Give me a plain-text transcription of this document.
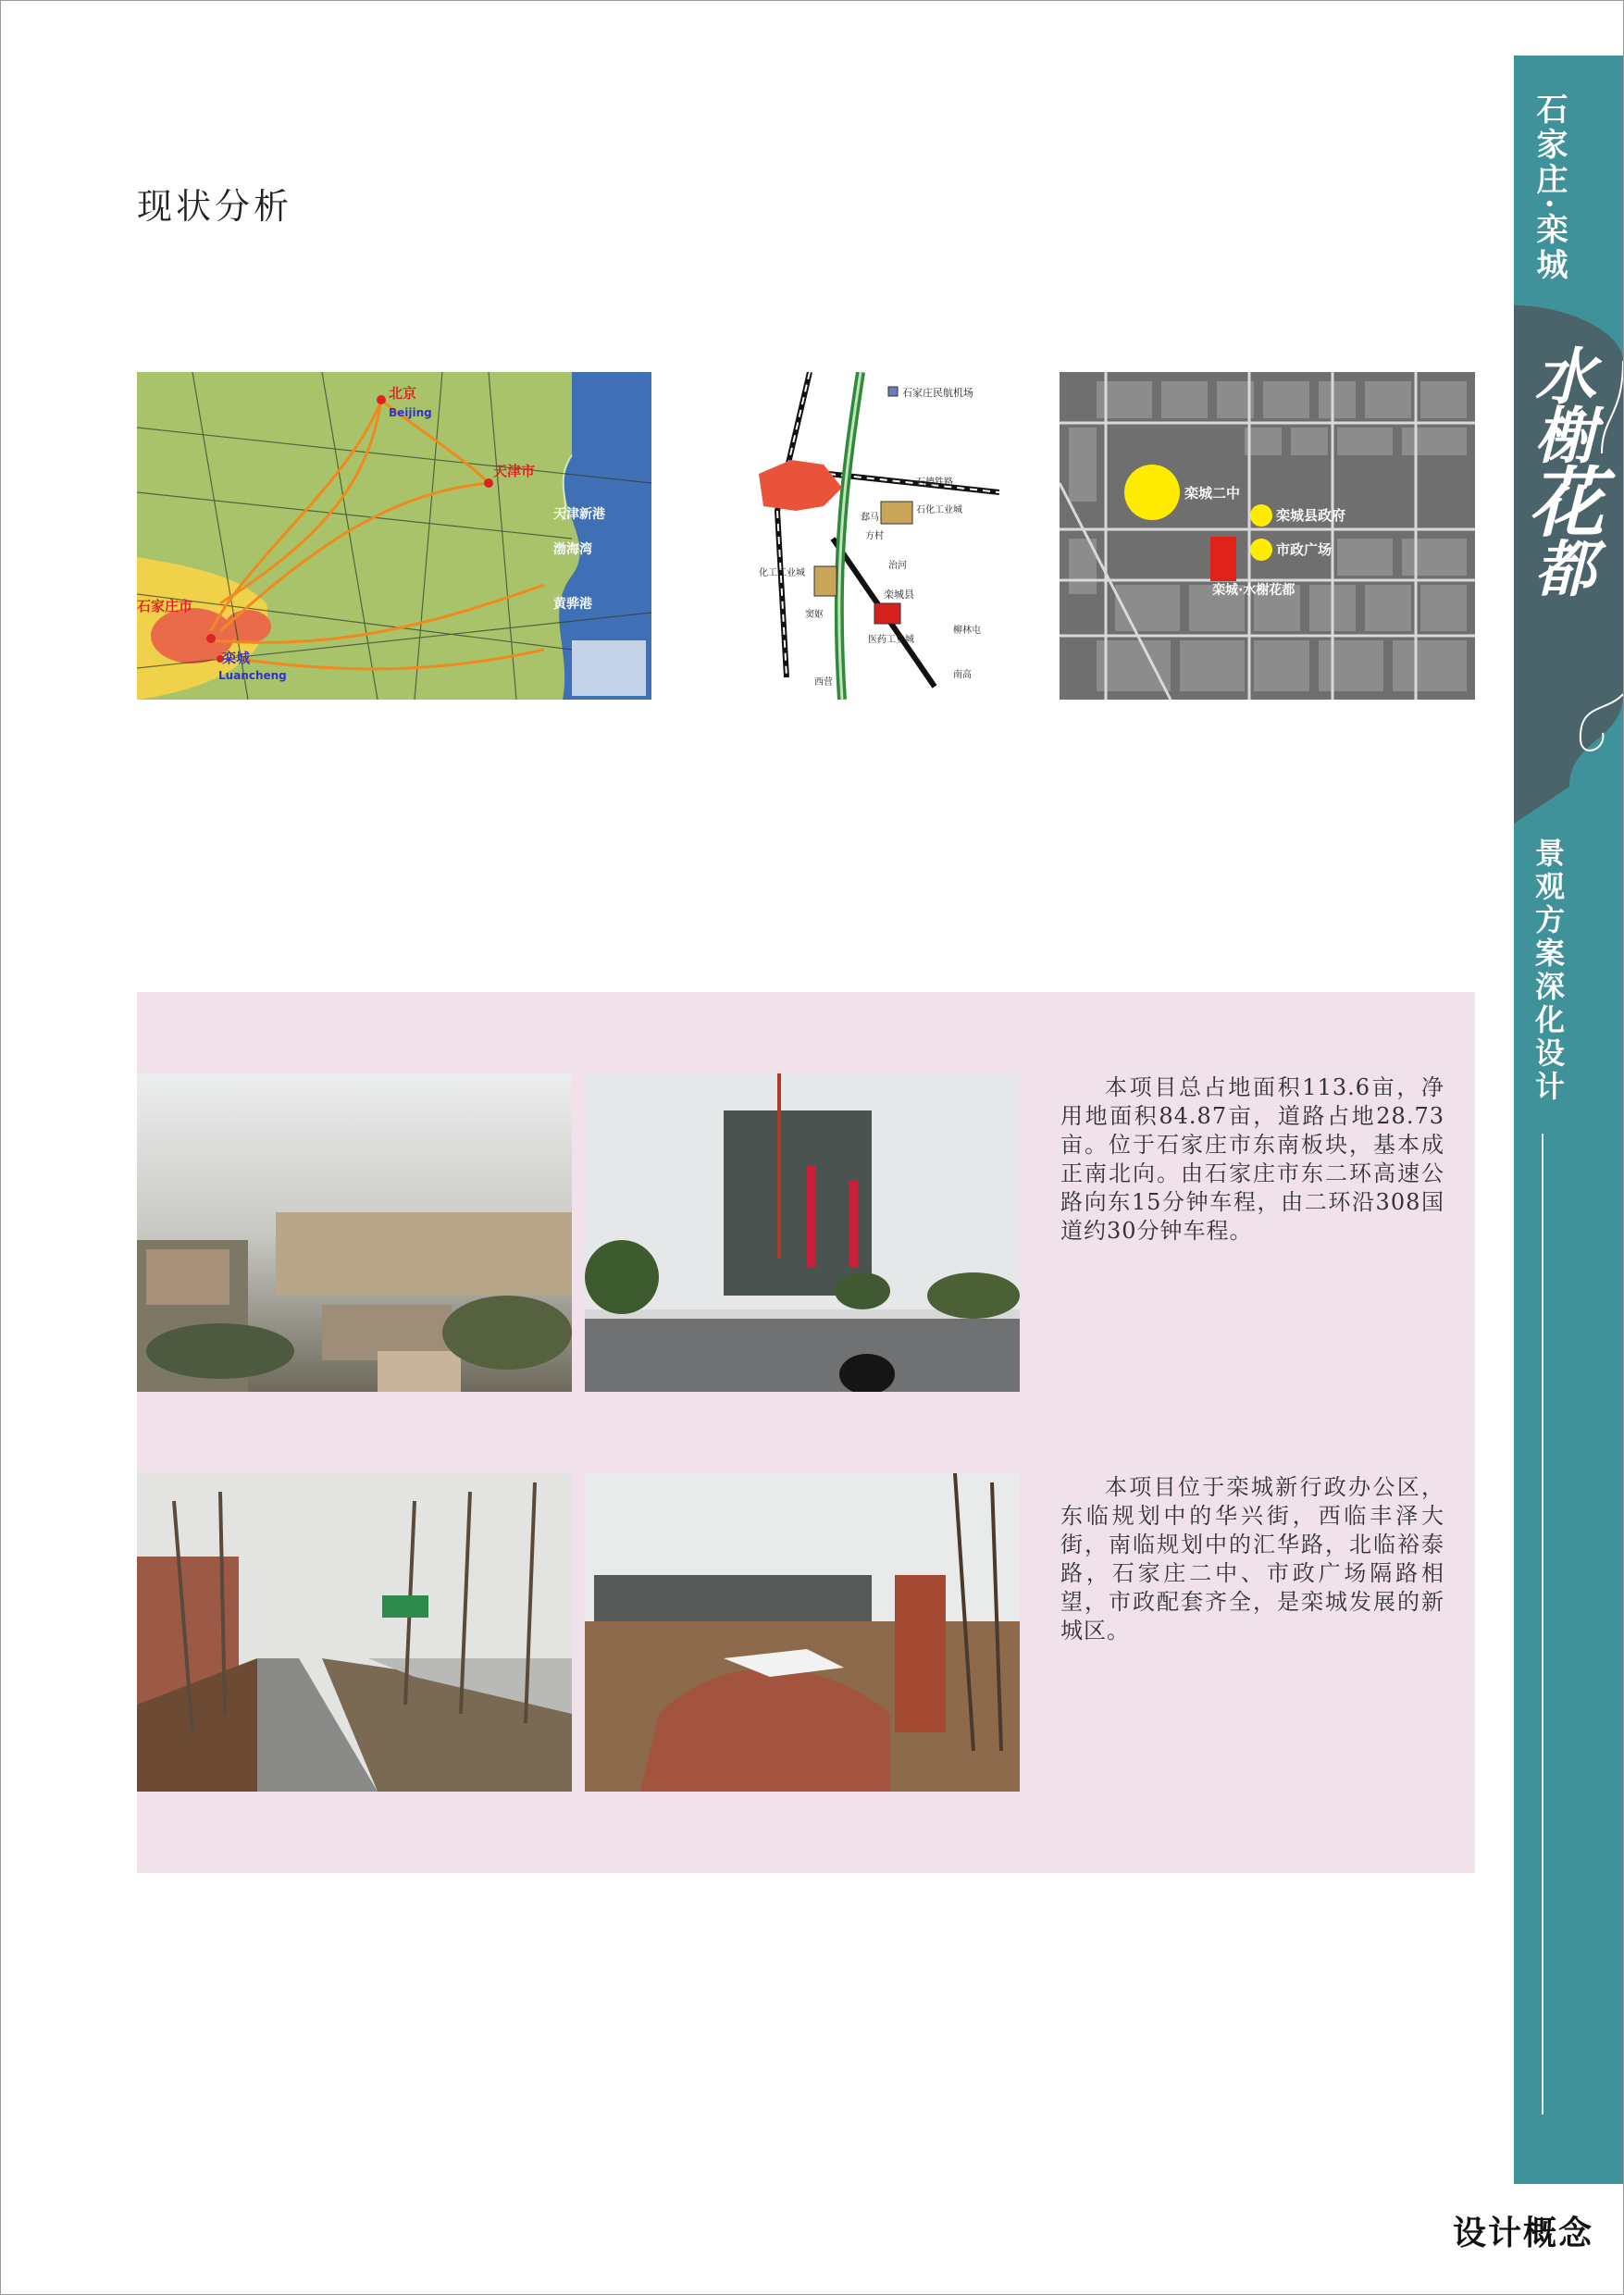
现状分析	石家庄·栾城
水榭花都
景观方案深化设计
设计概念
北京
Beijing
天津市
天津新港
渤海湾
黄骅港
石家庄市
栾城
Luancheng
石家庄民航机场
石德铁路
石化工业城
栾城县
方村
医药工业城
化工工业城
窦妪
西营
郄马
治河
南高
柳林屯
栾城二中
栾城县政府
市政广场
栾城·水榭花都

本项目总占地面积113.6亩，净用地面积84.87亩，道路占地28.73亩。位于石家庄市东南板块，基本成正南北向。由石家庄市东二环高速公路向东15分钟车程，由二环沿308国道约30分钟车程。

本项目位于栾城新行政办公区，东临规划中的华兴街，西临丰泽大街，南临规划中的汇华路，北临裕泰路，石家庄二中、市政广场隔路相望，市政配套齐全，是栾城发展的新城区。
